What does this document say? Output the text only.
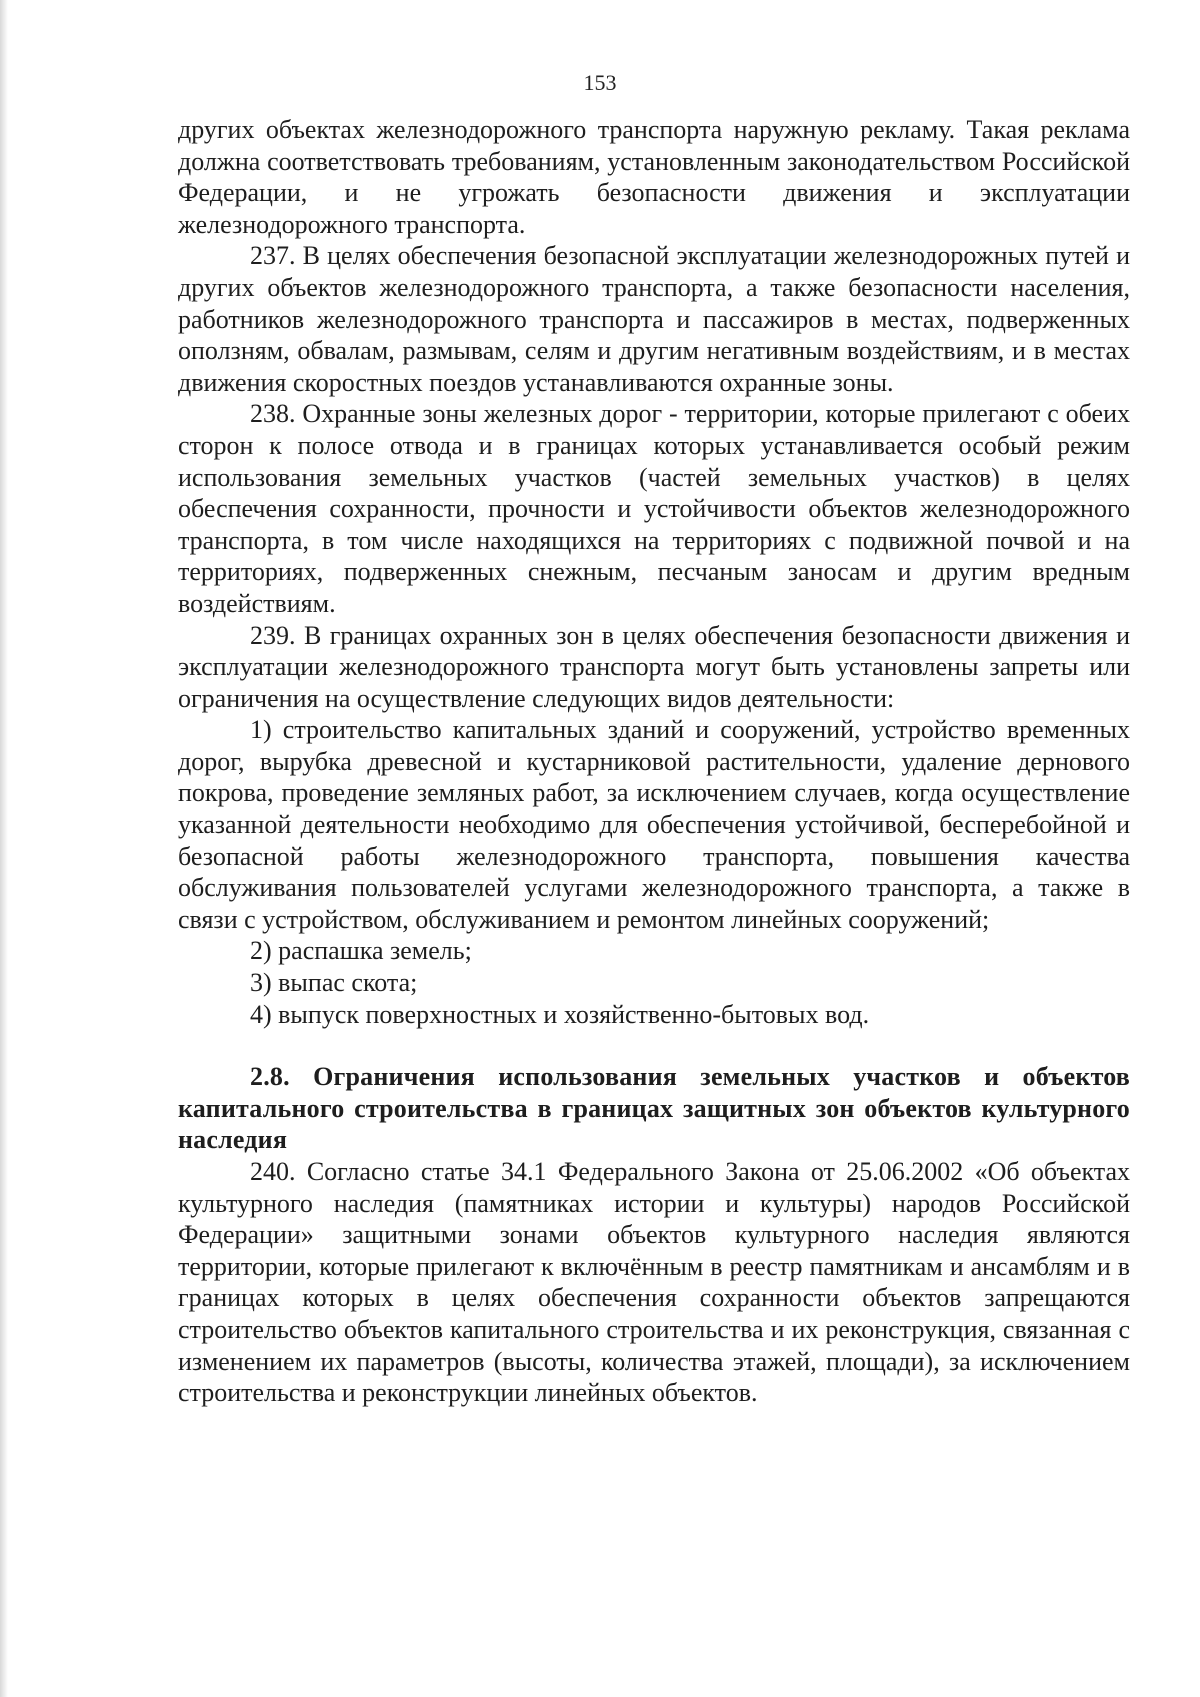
153

других объектах железнодорожного транспорта наружную рекламу. Такая реклама должна соответствовать требованиям, установленным законодательством Российской Федерации, и не угрожать безопасности движения и эксплуатации железнодорожного транспорта.

237. В целях обеспечения безопасной эксплуатации железнодорожных путей и других объектов железнодорожного транспорта, а также безопасности населения, работников железнодорожного транспорта и пассажиров в местах, подверженных оползням, обвалам, размывам, селям и другим негативным воздействиям, и в местах движения скоростных поездов устанавливаются охранные зоны.

238. Охранные зоны железных дорог - территории, которые прилегают с обеих сторон к полосе отвода и в границах которых устанавливается особый режим использования земельных участков (частей земельных участков) в целях обеспечения сохранности, прочности и устойчивости объектов железнодорожного транспорта, в том числе находящихся на территориях с подвижной почвой и на территориях, подверженных снежным, песчаным заносам и другим вредным воздействиям.

239. В границах охранных зон в целях обеспечения безопасности движения и эксплуатации железнодорожного транспорта могут быть установлены запреты или ограничения на осуществление следующих видов деятельности:

1) строительство капитальных зданий и сооружений, устройство временных дорог, вырубка древесной и кустарниковой растительности, удаление дернового покрова, проведение земляных работ, за исключением случаев, когда осуществление указанной деятельности необходимо для обеспечения устойчивой, бесперебойной и безопасной работы железнодорожного транспорта, повышения качества обслуживания пользователей услугами железнодорожного транспорта, а также в связи с устройством, обслуживанием и ремонтом линейных сооружений;
2) распашка земель;
3) выпас скота;
4) выпуск поверхностных и хозяйственно-бытовых вод.

2.8. Ограничения использования земельных участков и объектов капитального строительства в границах защитных зон объектов культурного наследия

240. Согласно статье 34.1 Федерального Закона от 25.06.2002 «Об объектах культурного наследия (памятниках истории и культуры) народов Российской Федерации» защитными зонами объектов культурного наследия являются территории, которые прилегают к включённым в реестр памятникам и ансамблям и в границах которых в целях обеспечения сохранности объектов запрещаются строительство объектов капитального строительства и их реконструкция, связанная с изменением их параметров (высоты, количества этажей, площади), за исключением строительства и реконструкции линейных объектов.
